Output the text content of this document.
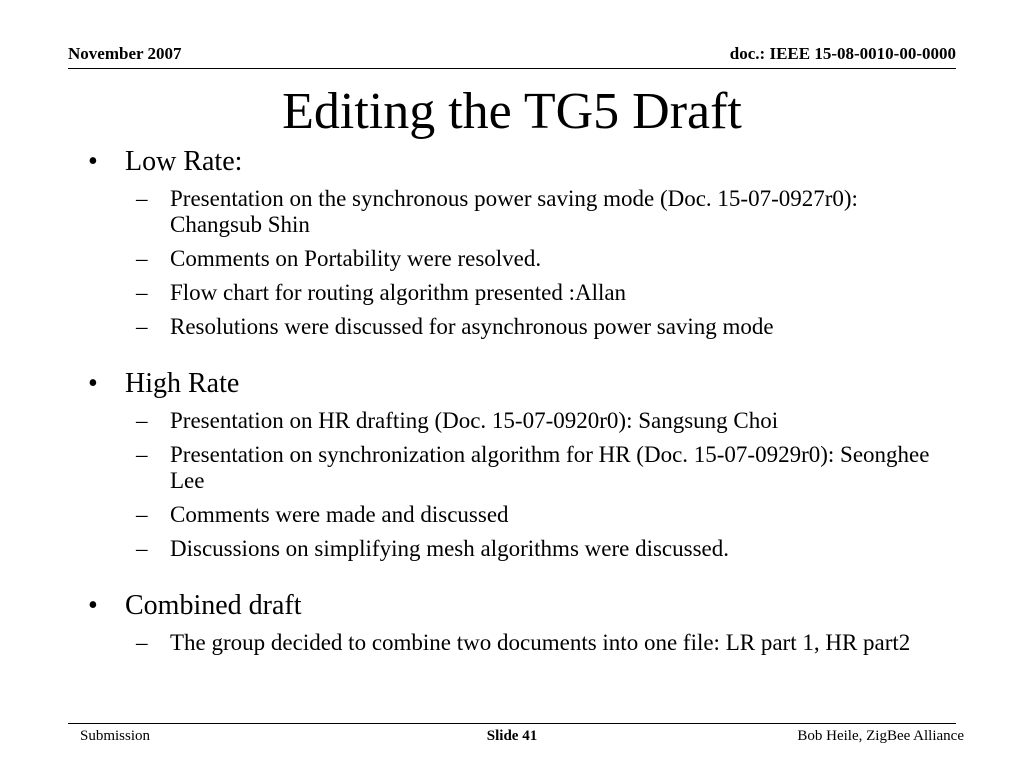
November 2007	doc.: IEEE 15-08-0010-00-0000
Editing the TG5 Draft
• Low Rate:
– Presentation on the synchronous power saving mode (Doc. 15-07-0927r0): Changsub Shin
– Comments on Portability were resolved.
– Flow chart for routing algorithm presented :Allan
– Resolutions were discussed for asynchronous power saving mode
• High Rate
– Presentation on HR drafting (Doc. 15-07-0920r0): Sangsung Choi
– Presentation on synchronization algorithm for HR (Doc. 15-07-0929r0): Seonghee Lee
– Comments were made and discussed
– Discussions on simplifying mesh algorithms were discussed.
• Combined draft
– The group decided to combine two documents into one file: LR part 1, HR part2
Submission	Slide 41	Bob Heile, ZigBee Alliance
